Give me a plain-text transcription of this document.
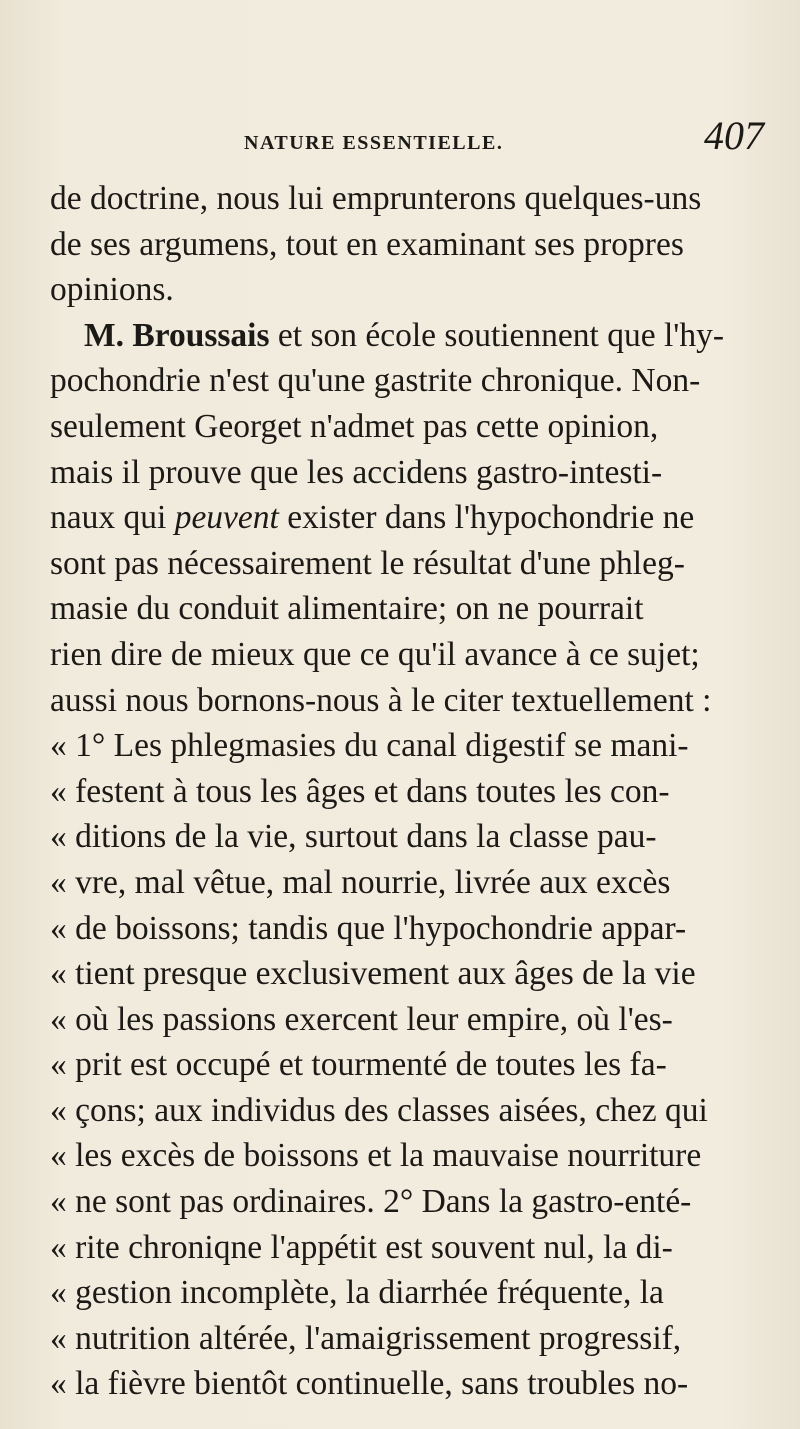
NATURE ESSENTIELLE.	407
de doctrine, nous lui emprunterons quelques-uns
de ses argumens, tout en examinant ses propres
opinions.
M. Broussais et son école soutiennent que l'hy-
pochondrie n'est qu'une gastrite chronique. Non-
seulement Georget n'admet pas cette opinion,
mais il prouve que les accidens gastro-intesti-
naux qui peuvent exister dans l'hypochondrie ne
sont pas nécessairement le résultat d'une phleg-
masie du conduit alimentaire; on ne pourrait
rien dire de mieux que ce qu'il avance à ce sujet;
aussi nous bornons-nous à le citer textuellement :
« 1° Les phlegmasies du canal digestif se mani-
« festent à tous les âges et dans toutes les con-
« ditions de la vie, surtout dans la classe pau-
« vre, mal vêtue, mal nourrie, livrée aux excès
« de boissons; tandis que l'hypochondrie appar-
« tient presque exclusivement aux âges de la vie
« où les passions exercent leur empire, où l'es-
« prit est occupé et tourmenté de toutes les fa-
« çons; aux individus des classes aisées, chez qui
« les excès de boissons et la mauvaise nourriture
« ne sont pas ordinaires. 2° Dans la gastro-enté-
« rite chroniqne l'appétit est souvent nul, la di-
« gestion incomplète, la diarrhée fréquente, la
« nutrition altérée, l'amaigrissement progressif,
« la fièvre bientôt continuelle, sans troubles no-
